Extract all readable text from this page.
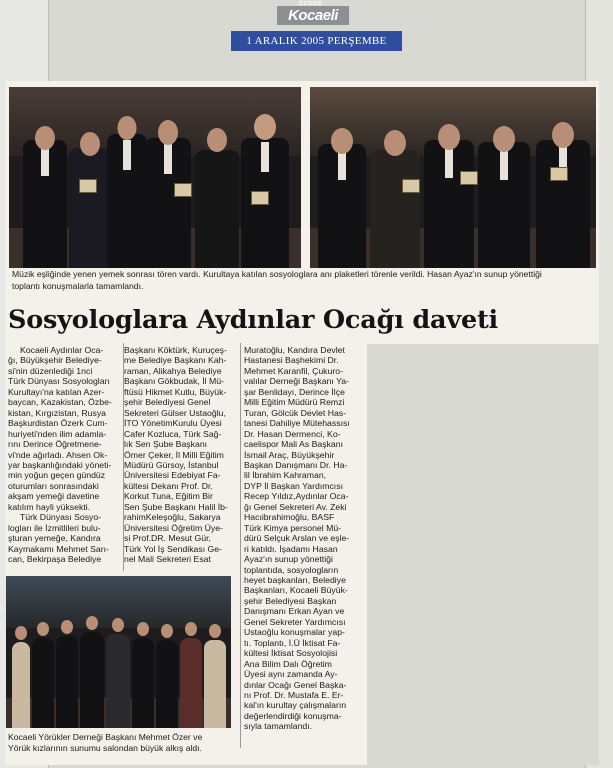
ÖZGÜR
Kocaeli
1 ARALIK 2005 PERŞEMBE
Müzik eşliğinde yenen yemek sonrası tören vardı. Kurultaya katılan sosyologlara anı plaketleri törenle verildi. Hasan Ayaz'ın sunup yönettiği
toplantı konuşmalarla tamamlandı.
Sosyologlara Aydınlar Ocağı daveti
Kocaeli Aydınlar Oca-
ğı, Büyükşehir Belediye-
si'nin düzenlediği 1nci
Türk Dünyası Sosyologları
Kurultayı'na katılan Azer-
baycan, Kazakistan, Özbe-
kistan, Kırgızistan, Rusya
Başkurdistan Özerk Cum-
huriyeti'nden ilim adamla-
rını Derince Öğretmene-
vi'nde ağırladı. Ahsen Ok-
yar başkanlığındaki yöneti-
min yoğun geçen gündüz
oturumları sonrasındaki
akşam yemeği davetine
katılım hayli yüksekti.
Türk Dünyası Sosyo-
logları ile İzmitlileri bulu-
şturan yemeğe, Kandıra
Kaymakamı Mehmet Sarı-
can, Bekirpaşa Belediye
Başkanı Köktürk, Kuruçeş-
me Belediye Başkanı Kah-
raman, Alikahya Belediye
Başkanı Gökbudak, İl Mü-
ftüsü Hikmet Kutlu, Büyük-
şehir Belediyesi Genel
Sekreteri Gülser Ustaoğlu,
İTO YönetimKurulu Üyesi
Cafer Kozluca, Türk Sağ-
lık Sen Şube Başkanı
Ömer Çeker, İl Milli Eğitim
Müdürü Gürsoy, İstanbul
Üniversitesi Edebiyat Fa-
kültesi Dekanı Prof. Dr.
Korkut Tuna, Eğitim Bir
Sen Şube Başkanı Halil İb-
rahimKeleşoğlu, Sakarya
Üniversitesi Öğretim Üye-
si Prof.DR. Mesut Gür,
Türk Yol İş Sendikası Ge-
nel Mali Sekreteri Esat
Muratoğlu, Kandıra Devlet
Hastanesi Başhekimi Dr.
Mehmet Karanfil, Çukuro-
valılar Derneği Başkanı Ya-
şar Benlidayı, Derince İlçe
Milli Eğitim Müdürü Remzi
Turan, Gölcük Devlet Has-
tanesi Dahiliye Mütehassısı
Dr. Hasan Dermenci, Ko-
caelispor Mali As Başkanı
İsmail Araç, Büyükşehir
Başkan Danışmanı Dr. Ha-
lil İbrahim Kahraman,
DYP İl Başkan Yardımcısı
Recep Yıldız,Aydınlar Oca-
ğı Genel Sekreteri Av. Zeki
Hacıibrahimoğlu, BASF
Türk Kimya personel Mü-
dürü Selçuk Arslan ve eşle-
ri katıldı. İşadamı Hasan
Ayaz'ın sunup yönettiği
toplantıda, sosyologların
heyet başkanları, Belediye
Başkanları, Kocaeli Büyük-
şehir Belediyesi Başkan
Danışmanı Erkan Ayan ve
Genel Sekreter Yardımcısı
Ustaoğlu konuşmalar yap-
tı. Toplantı, İ.Ü İktisat Fa-
kültesi İktisat Sosyolojisi
Ana Bilim Dalı Öğretim
Üyesi aynı zamanda Ay-
dınlar Ocağı Genel Başka-
nı Prof. Dr. Mustafa E. Er-
kal'ın kurultay çalışmaların
değerlendirdiği konuşma-
sıyla tamamlandı.
Kocaeli Yörükler Derneği Başkanı Mehmet Özer ve
Yörük kızlarının sunumu salondan büyük alkış aldı.
